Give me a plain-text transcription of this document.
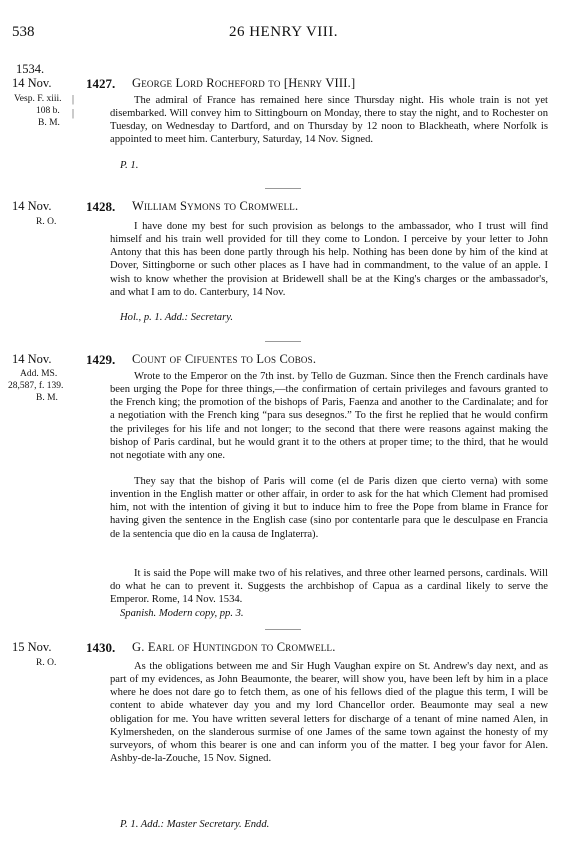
538	26 HENRY VIII.
1534.
14 Nov.	1427. George Lord Rocheford to [Henry VIII.]
Vesp. F. xiii.
108 b.
B. M.
|
|

The admiral of France has remained here since Thursday night. His whole train is not yet disembarked. Will convey him to Sittingbourn on Monday, there to stay the night, and to Rochester on Tuesday, on Wednesday to Dartford, and on Thursday by 12 noon to Blackheath, where Norfolk is appointed to meet him. Canterbury, Saturday, 14 Nov. Signed.

P. 1.
14 Nov.	1428. William Symons to Cromwell.
R. O.	I have done my best for such provision as belongs to the ambassador, who I trust will find himself and his train well provided for till they come to London. I perceive by your letter to John Antony that this has been done partly through his help. Nothing has been done by him of the kind at Dover, Sittingborne or such other places as I have had in commandment, to the value of an apple. I wish to know whether the provision at Bridewell shall be at the King's charges or the ambassador's, and what I am to do. Canterbury, 14 Nov.

Hol., p. 1. Add.: Secretary.
14 Nov.	1429. Count of Cifuentes to Los Cobos.
Add. MS.
28,587, f. 139.
B. M.

Wrote to the Emperor on the 7th inst. by Tello de Guzman. Since then the French cardinals have been urging the Pope for three things,—the confirmation of certain privileges and favours granted to the French king; the promotion of the bishops of Paris, Faenza and another to the Cardinalate; and for a negotiation with the French king “para sus desegnos.” To the first he replied that he would confirm the privileges for his life and not longer; to the second that there were reasons against making the bishop of Paris cardinal, but he would grant it to the others at proper time; to the third, that he would not negotiate with any one.

They say that the bishop of Paris will come (el de Paris dizen que cierto verna) with some invention in the English matter or other affair, in order to ask for the hat which Clement had promised him, not with the intention of giving it but to induce him to free the Pope from blame in France for having given the sentence in the English case (sino por contentarle para que le desculpase en Francia de la sentencia que dio en la causa de Inglaterra).

It is said the Pope will make two of his relatives, and three other learned persons, cardinals. Will do what he can to prevent it. Suggests the archbishop of Capua as a cardinal likely to serve the Emperor. Rome, 14 Nov. 1534.

Spanish. Modern copy, pp. 3.
15 Nov.	1430. G. Earl of Huntingdon to Cromwell.
R. O.	As the obligations between me and Sir Hugh Vaughan expire on St. Andrew's day next, and as part of my evidences, as John Beaumonte, the bearer, will show you, have been left by him in a place where he does not dare go to fetch them, as one of his fellows died of the plague this term, I will be content to abide whatever day you and my lord Chancellor order. Beaumonte may seal a new obligation for me. You have written several letters for discharge of a tenant of mine named Alen, in Kylmersheden, on the slanderous surmise of one James of the same town against the honesty of my surveyors, of whom this bearer is one and can inform you of the matter. I beg your favor for Alen. Ashby-de-la-Zouche, 15 Nov. Signed.

P. 1. Add.: Master Secretary. Endd.
